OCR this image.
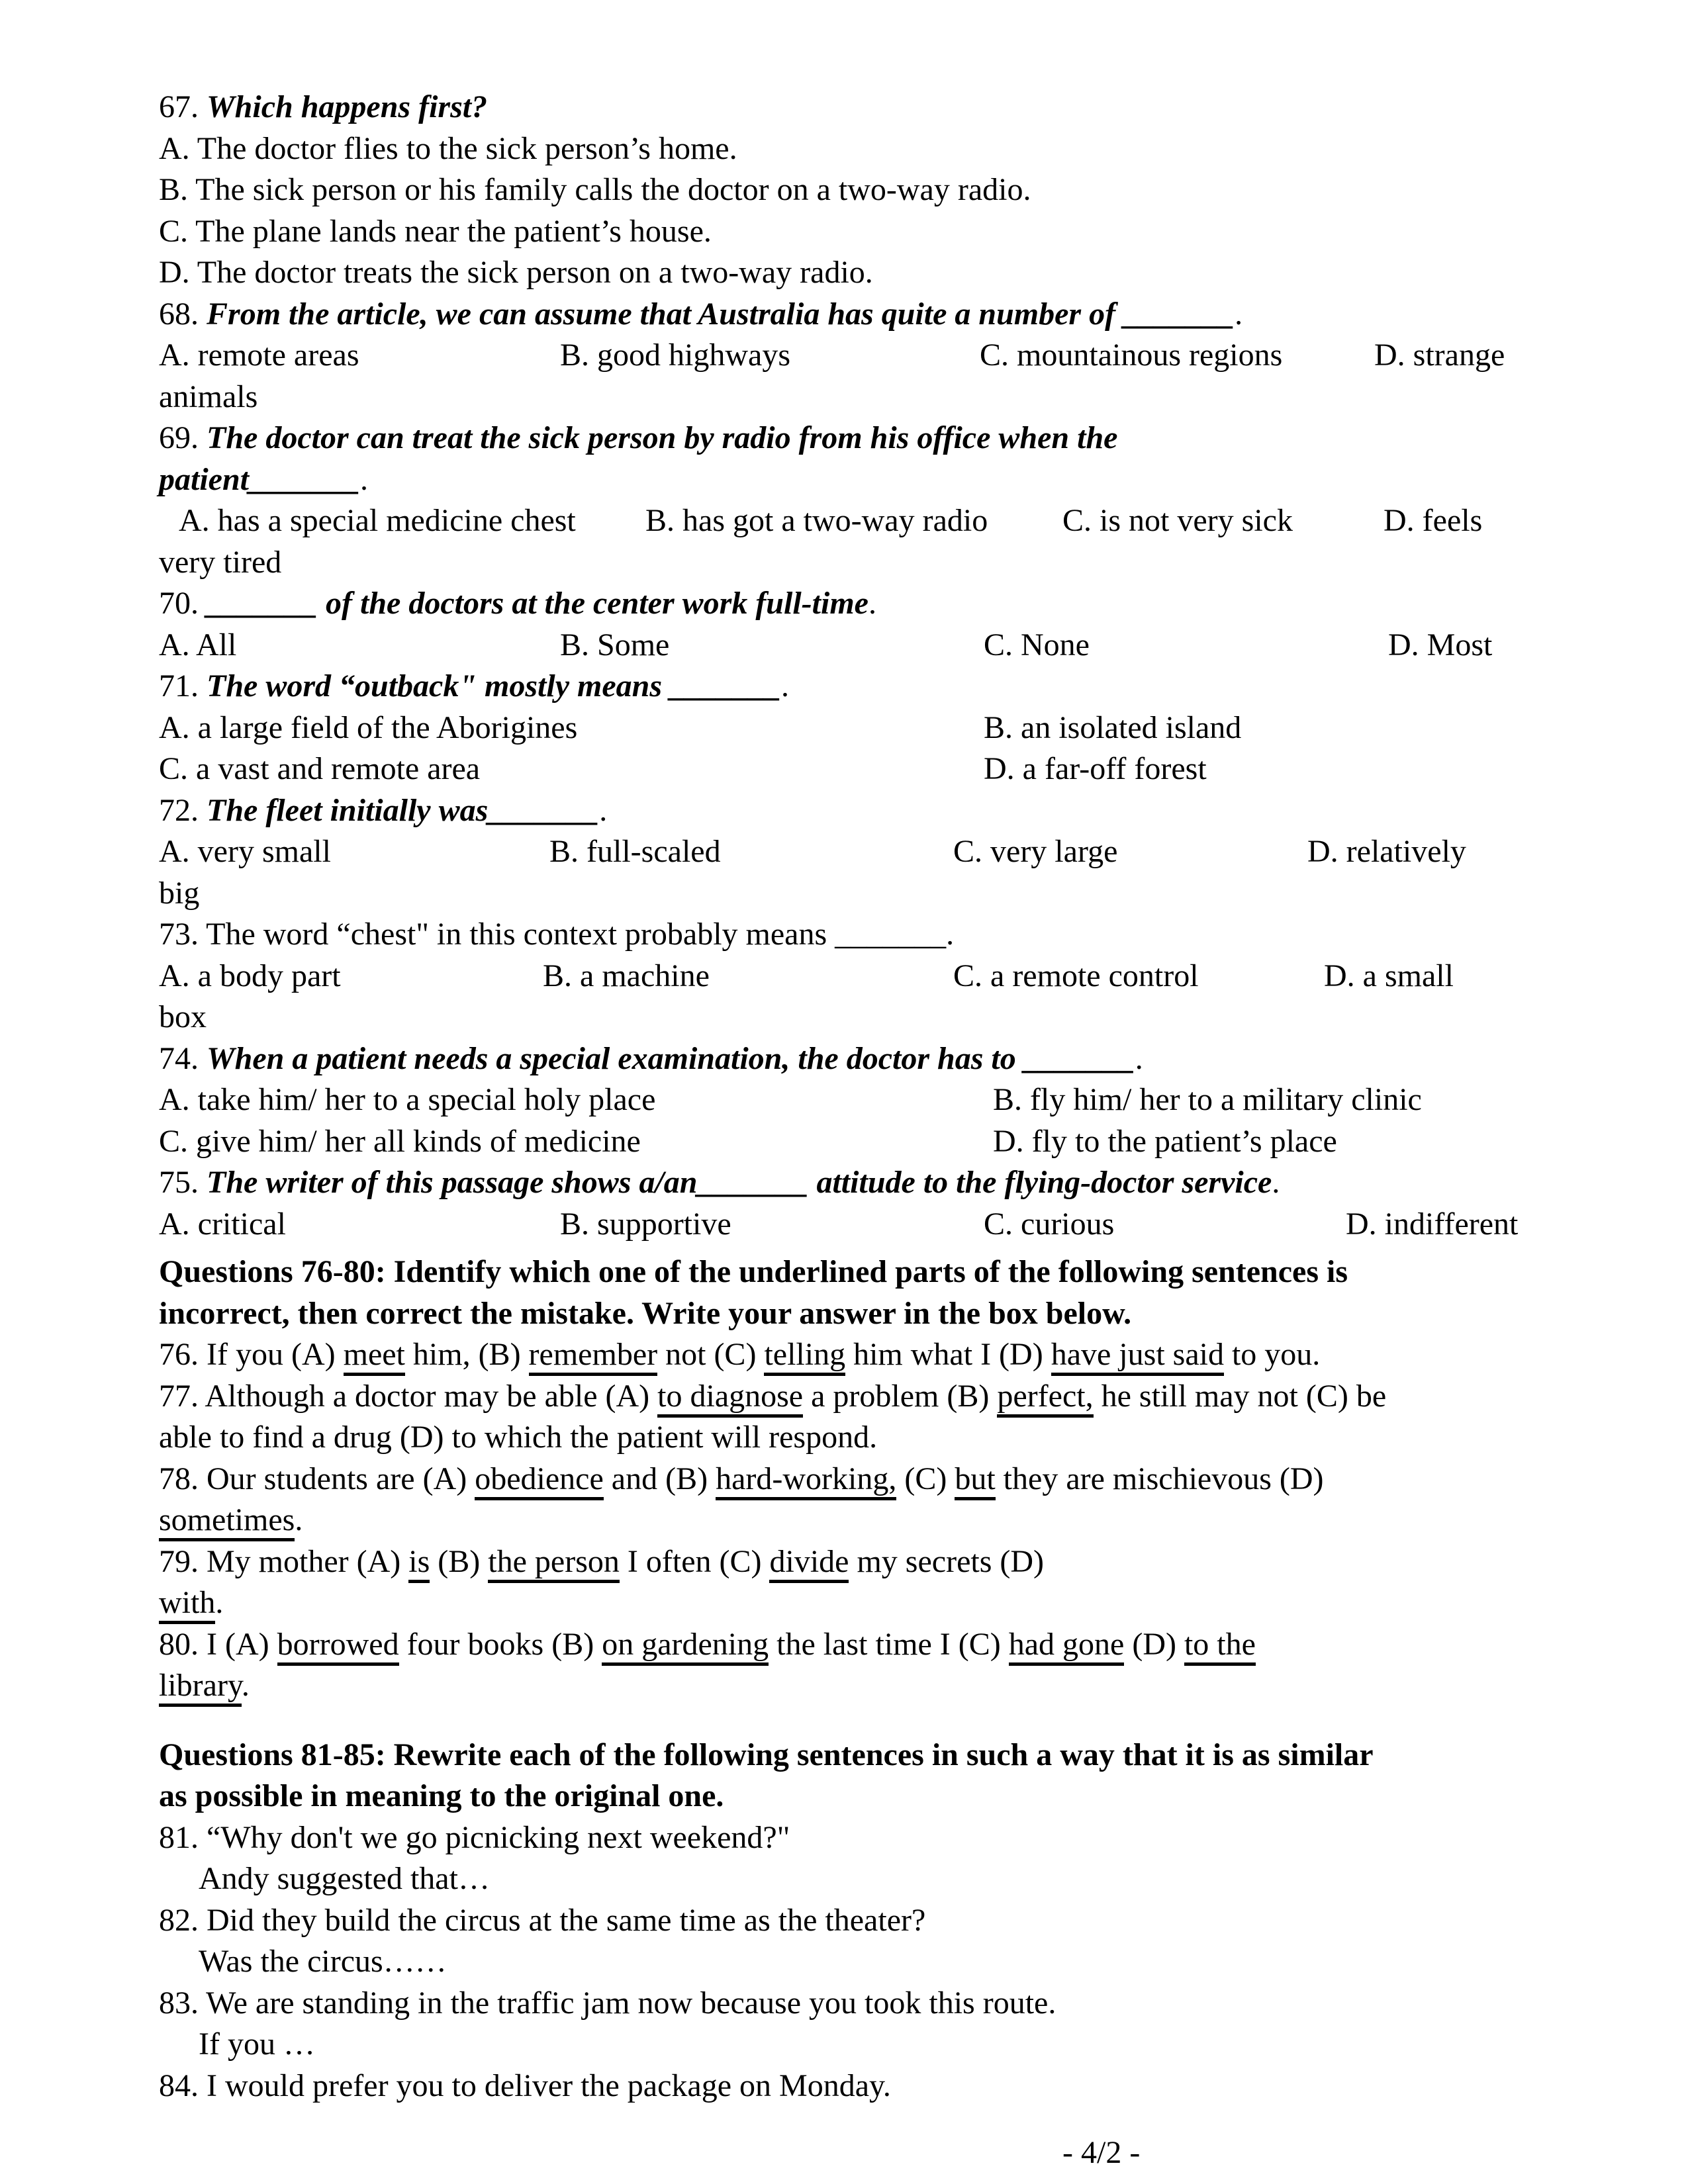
67. Which happens first?
A. The doctor flies to the sick person’s home.
B. The sick person or his family calls the doctor on a two-way radio.
C. The plane lands near the patient’s house.
D. The doctor treats the sick person on a two-way radio.
68. From the article, we can assume that Australia has quite a number of _______.
A. remote areas	B. good highways	C. mountainous regions	D. strange
animals
69. The doctor can treat the sick person by radio from his office when the
patient_______.
A. has a special medicine chest B. has got a two-way radio C. is not very sick	D. feels
very tired
70. _______ of the doctors at the center work full-time.
A. All	B. Some	C. None	D. Most
71. The word “outback" mostly means _______.
A. a large field of the Aborigines	B. an isolated island
C. a vast and remote area	D. a far-off forest
72. The fleet initially was_______.
A. very small	B. full-scaled	C. very large	D. relatively
big
73. The word “chest" in this context probably means _______.
A. a body part	B. a machine	C. a remote control	D. a small
box
74. When a patient needs a special examination, the doctor has to _______.
A. take him/ her to a special holy place	B. fly him/ her to a military clinic
C. give him/ her all kinds of medicine	D. fly to the patient’s place
75. The writer of this passage shows a/an_______ attitude to the flying-doctor service.
A. critical	B. supportive	C. curious	D. indifferent
Questions 76-80: Identify which one of the underlined parts of the following sentences is
incorrect, then correct the mistake. Write your answer in the box below.
76. If you (A) meet him, (B) remember not (C) telling him what I (D) have just said to you.
77. Although a doctor may be able (A) to diagnose a problem (B) perfect, he still may not (C) be
able to find a drug (D) to which the patient will respond.
78. Our students are (A) obedience and (B) hard-working, (C) but they are mischievous (D)
sometimes.
79. My mother (A) is (B) the person I often (C) divide my secrets (D)
with.
80. I (A) borrowed four books (B) on gardening the last time I (C) had gone (D) to the
library.
Questions 81-85: Rewrite each of the following sentences in such a way that it is as similar
as possible in meaning to the original one.
81. “Why don't we go picnicking next weekend?"
Andy suggested that…
82. Did they build the circus at the same time as the theater?
Was the circus……
83. We are standing in the traffic jam now because you took this route.
If you …
84. I would prefer you to deliver the package on Monday.
- 4/2 -
